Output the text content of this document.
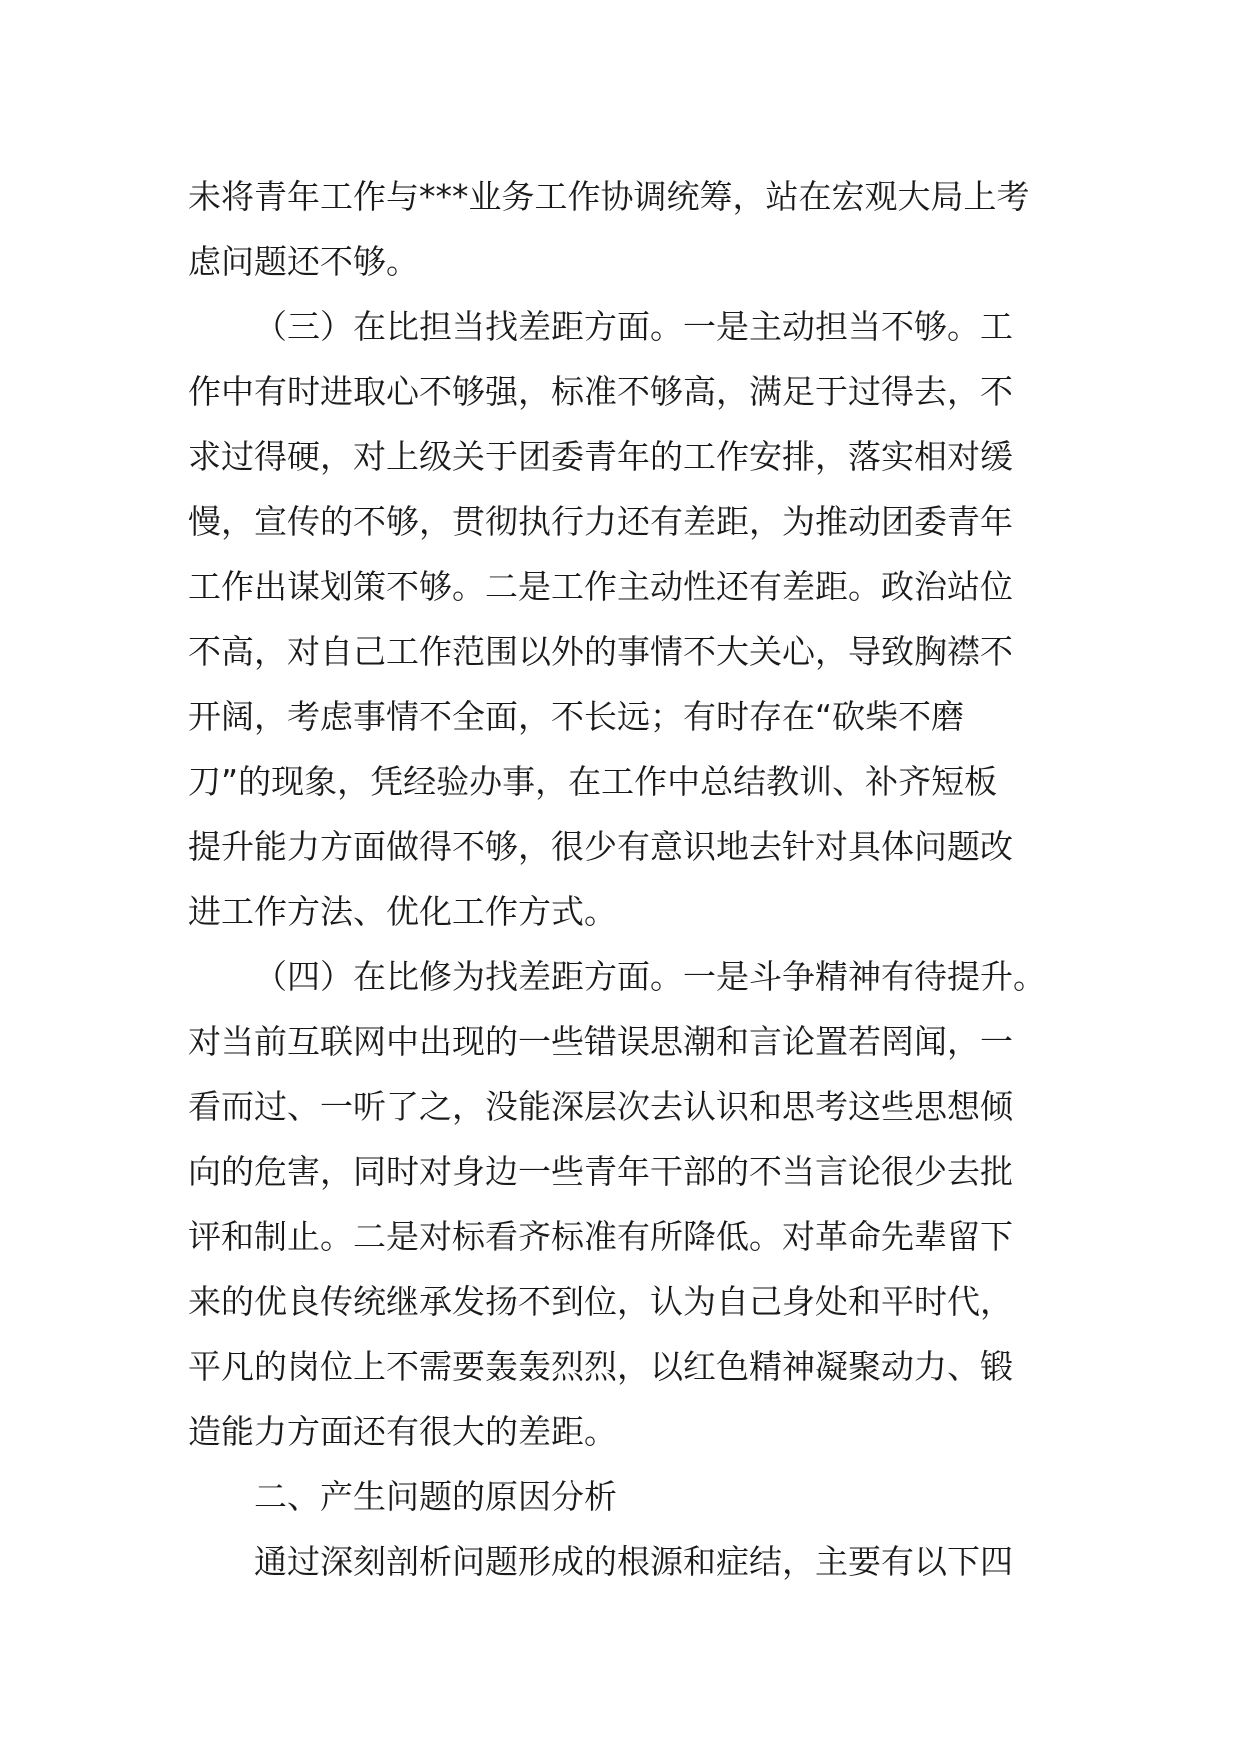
未将青年工作与***业务工作协调统筹，站在宏观大局上考
虑问题还不够。
（三）在比担当找差距方面。一是主动担当不够。工
作中有时进取心不够强，标准不够高，满足于过得去，不
求过得硬，对上级关于团委青年的工作安排，落实相对缓
慢，宣传的不够，贯彻执行力还有差距，为推动团委青年
工作出谋划策不够。二是工作主动性还有差距。政治站位
不高，对自己工作范围以外的事情不大关心，导致胸襟不
开阔，考虑事情不全面，不长远；有时存在“砍柴不磨
刀”的现象，凭经验办事，在工作中总结教训、补齐短板
提升能力方面做得不够，很少有意识地去针对具体问题改
进工作方法、优化工作方式。
（四）在比修为找差距方面。一是斗争精神有待提升。
对当前互联网中出现的一些错误思潮和言论置若罔闻，一
看而过、一听了之，没能深层次去认识和思考这些思想倾
向的危害，同时对身边一些青年干部的不当言论很少去批
评和制止。二是对标看齐标准有所降低。对革命先辈留下
来的优良传统继承发扬不到位，认为自己身处和平时代，
平凡的岗位上不需要轰轰烈烈，以红色精神凝聚动力、锻
造能力方面还有很大的差距。
二、产生问题的原因分析
通过深刻剖析问题形成的根源和症结，主要有以下四
